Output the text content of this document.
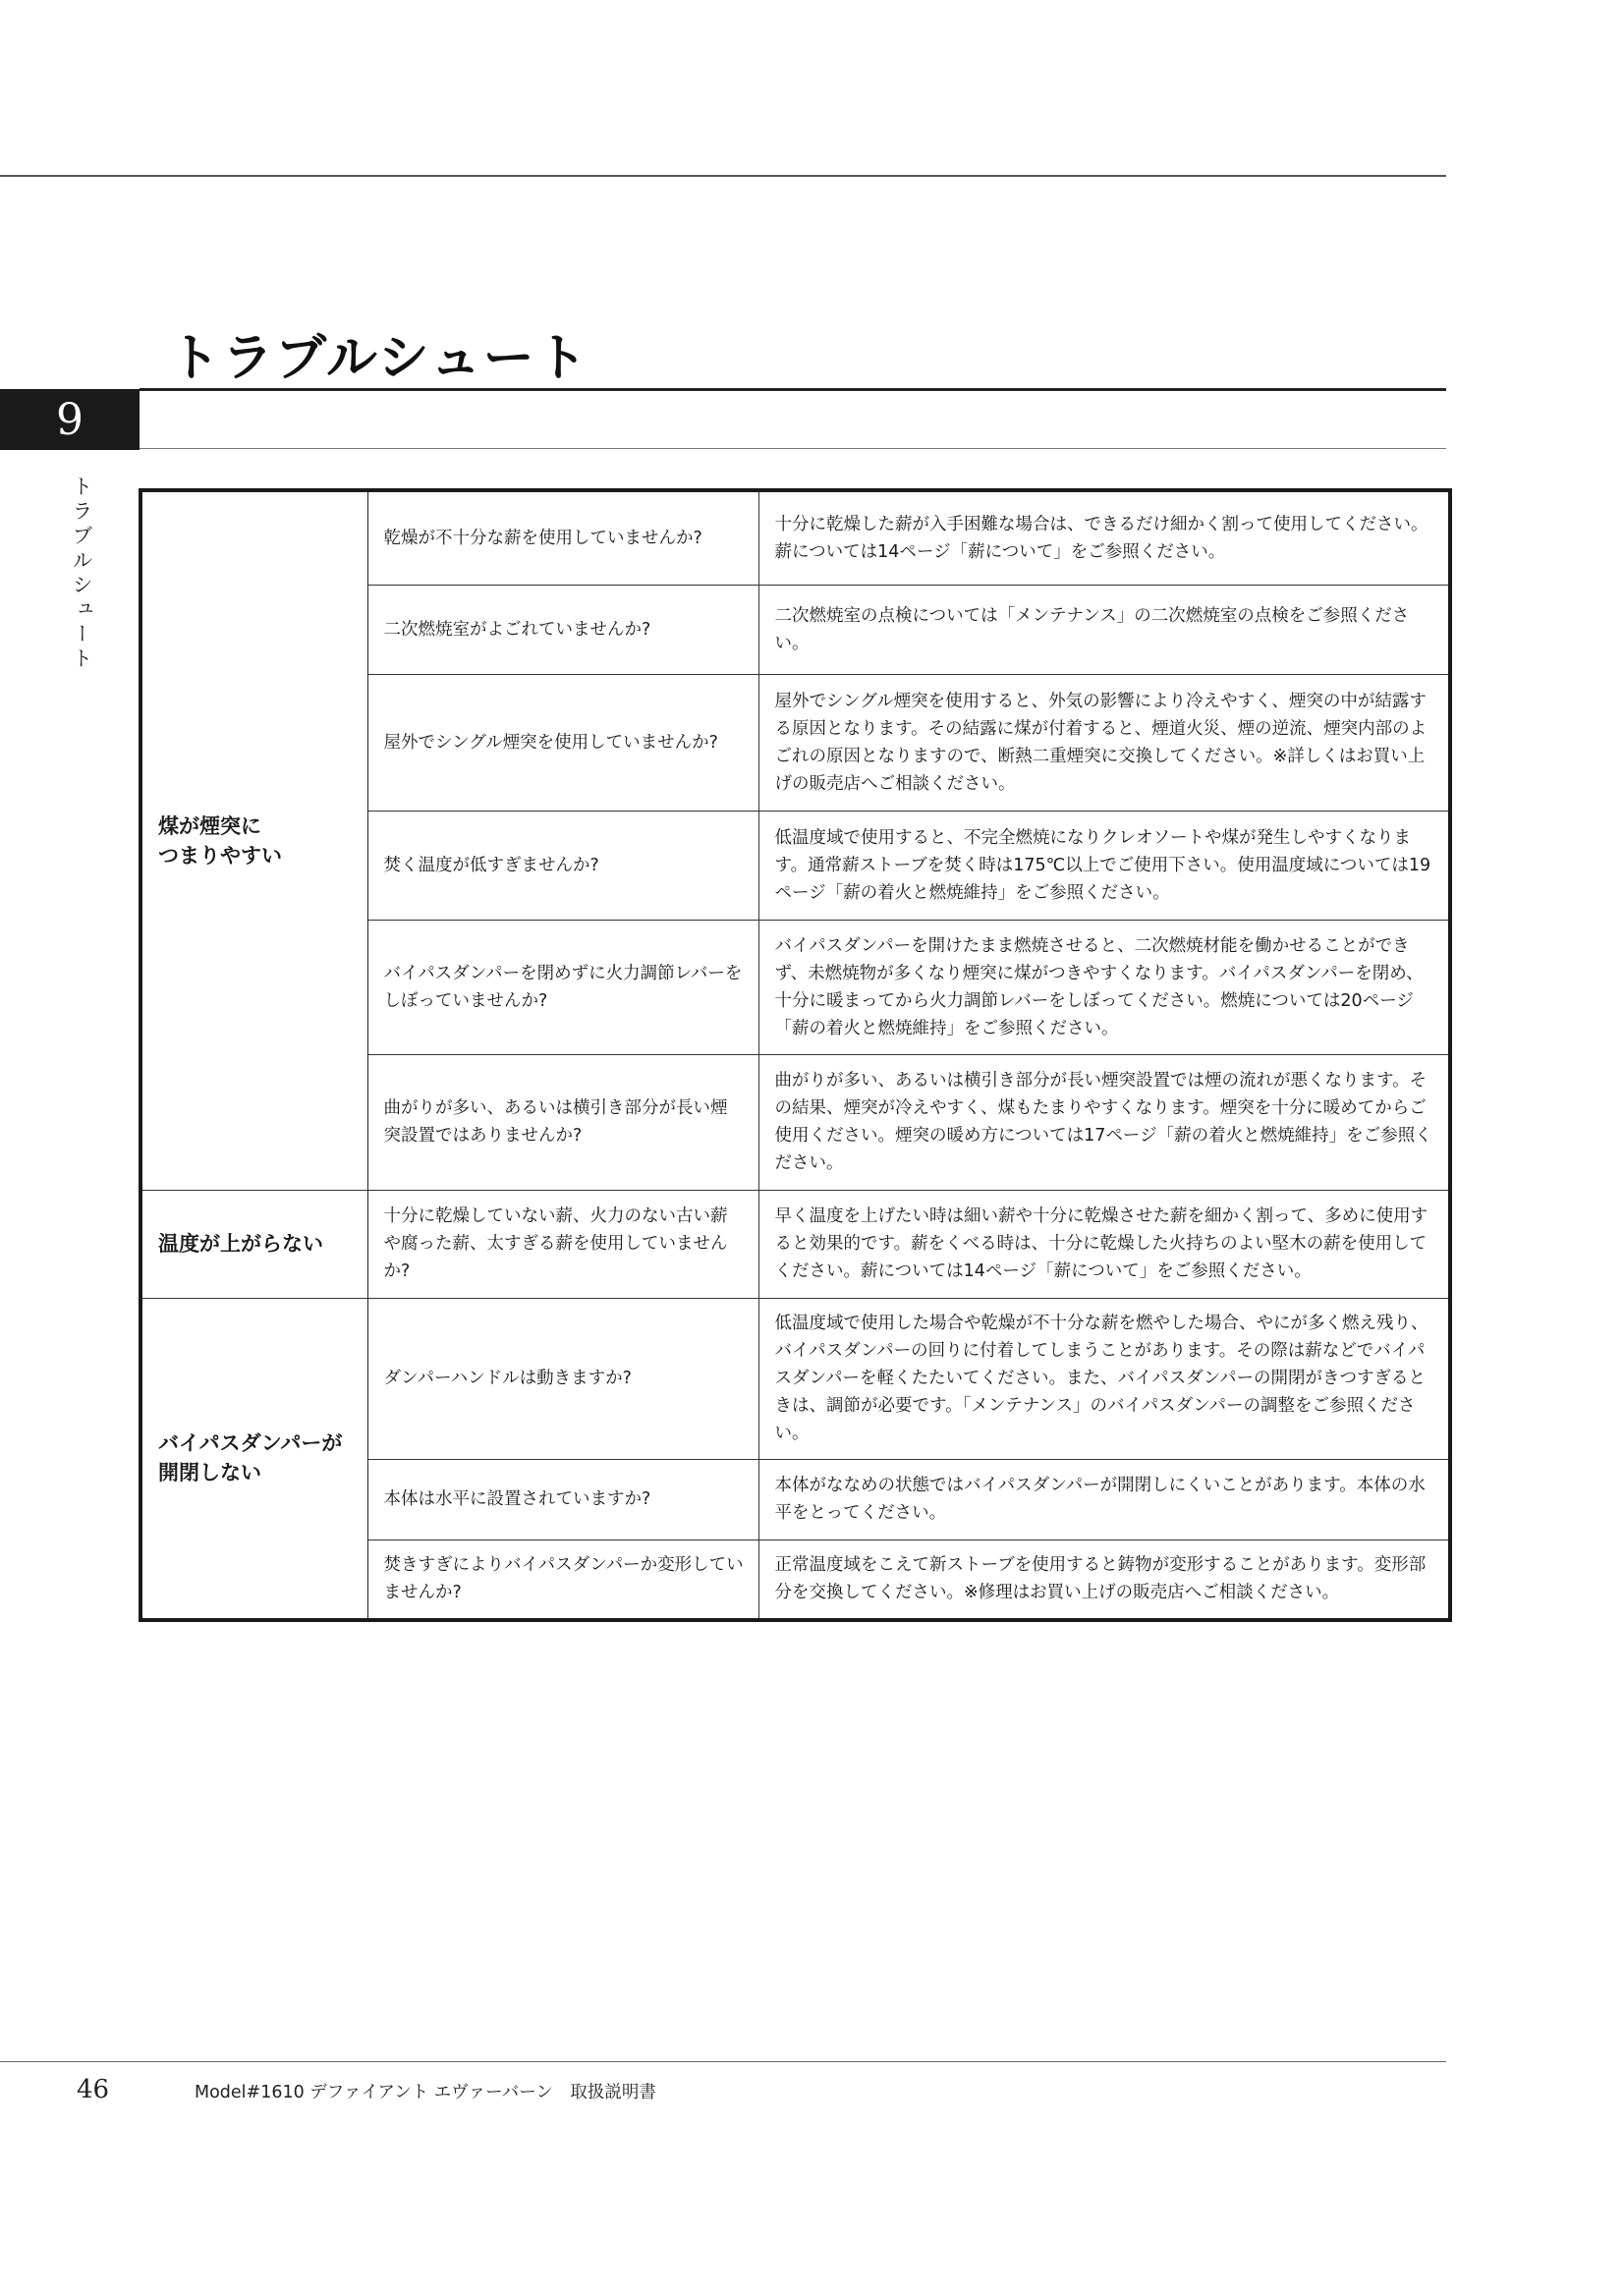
トラブルシュート
9
トラブルシュート
煤が煙突に
つまりやすい	乾燥が不十分な薪を使用していませんか?	十分に乾燥した薪が入手困難な場合は、できるだけ細かく割って使用してください。薪については14ページ「薪について」をご参照ください。
	二次燃焼室がよごれていませんか?	二次燃焼室の点検については「メンテナンス」の二次燃焼室の点検をご参照ください。
	屋外でシングル煙突を使用していませんか?	屋外でシングル煙突を使用すると、外気の影響により冷えやすく、煙突の中が結露する原因となります。その結露に煤が付着すると、煙道火災、煙の逆流、煙突内部のよごれの原因となりますので、断熱二重煙突に交換してください。※詳しくはお買い上げの販売店へご相談ください。
	焚く温度が低すぎませんか?	低温度域で使用すると、不完全燃焼になりクレオソートや煤が発生しやすくなります。通常薪ストーブを焚く時は175℃以上でご使用下さい。使用温度域については19ページ「薪の着火と燃焼維持」をご参照ください。
	バイパスダンパーを閉めずに火力調節レバーをしぼっていませんか?	バイパスダンパーを開けたまま燃焼させると、二次燃焼材能を働かせることができず、未燃焼物が多くなり煙突に煤がつきやすくなります。バイパスダンパーを閉め、十分に暖まってから火力調節レバーをしぼってください。燃焼については20ページ「薪の着火と燃焼維持」をご参照ください。
	曲がりが多い、あるいは横引き部分が長い煙突設置ではありませんか?	曲がりが多い、あるいは横引き部分が長い煙突設置では煙の流れが悪くなります。その結果、煙突が冷えやすく、煤もたまりやすくなります。煙突を十分に暖めてからご使用ください。煙突の暖め方については17ページ「薪の着火と燃焼維持」をご参照ください。
温度が上がらない	十分に乾燥していない薪、火力のない古い薪や腐った薪、太すぎる薪を使用していませんか?	早く温度を上げたい時は細い薪や十分に乾燥させた薪を細かく割って、多めに使用すると効果的です。薪をくべる時は、十分に乾燥した火持ちのよい堅木の薪を使用してください。薪については14ページ「薪について」をご参照ください。
バイパスダンパーが
開閉しない	ダンパーハンドルは動きますか?	低温度域で使用した場合や乾燥が不十分な薪を燃やした場合、やにが多く燃え残り、バイパスダンパーの回りに付着してしまうことがあります。その際は薪などでバイパスダンパーを軽くたたいてください。また、バイパスダンパーの開閉がきつすぎるときは、調節が必要です。「メンテナンス」のバイパスダンパーの調整をご参照ください。
	本体は水平に設置されていますか?	本体がななめの状態ではバイパスダンパーが開閉しにくいことがあります。本体の水平をとってください。
	焚きすぎによりバイパスダンパーか変形していませんか?	正常温度域をこえて新ストーブを使用すると鋳物が変形することがあります。変形部分を交換してください。※修理はお買い上げの販売店へご相談ください。
46	Model#1610 デファイアント エヴァーバーン　取扱説明書
